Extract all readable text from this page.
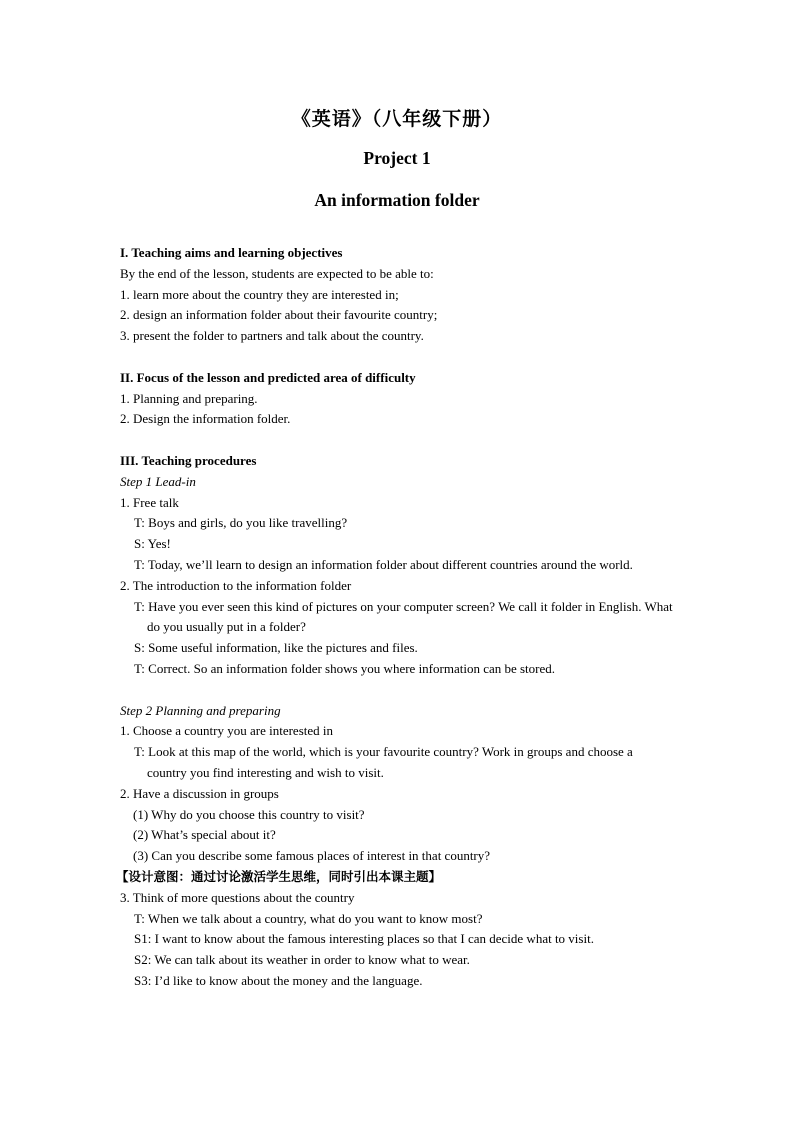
《英语》（八年级下册）
Project 1
An information folder
I. Teaching aims and learning objectives
By the end of the lesson, students are expected to be able to:
1. learn more about the country they are interested in;
2. design an information folder about their favourite country;
3. present the folder to partners and talk about the country.
II. Focus of the lesson and predicted area of difficulty
1. Planning and preparing.
2. Design the information folder.
III. Teaching procedures
Step 1 Lead-in
1. Free talk
T: Boys and girls, do you like travelling?
S: Yes!
T: Today, we’ll learn to design an information folder about different countries around the world.
2. The introduction to the information folder
T: Have you ever seen this kind of pictures on your computer screen? We call it folder in English. What do you usually put in a folder?
S: Some useful information, like the pictures and files.
T: Correct. So an information folder shows you where information can be stored.
Step 2 Planning and preparing
1. Choose a country you are interested in
T: Look at this map of the world, which is your favourite country? Work in groups and choose a country you find interesting and wish to visit.
2. Have a discussion in groups
(1) Why do you choose this country to visit?
(2) What’s special about it?
(3) Can you describe some famous places of interest in that country?
【设计意图：通过讨论激活学生思维，同时引出本课主题】
3. Think of more questions about the country
T: When we talk about a country, what do you want to know most?
S1: I want to know about the famous interesting places so that I can decide what to visit.
S2: We can talk about its weather in order to know what to wear.
S3: I’d like to know about the money and the language.
